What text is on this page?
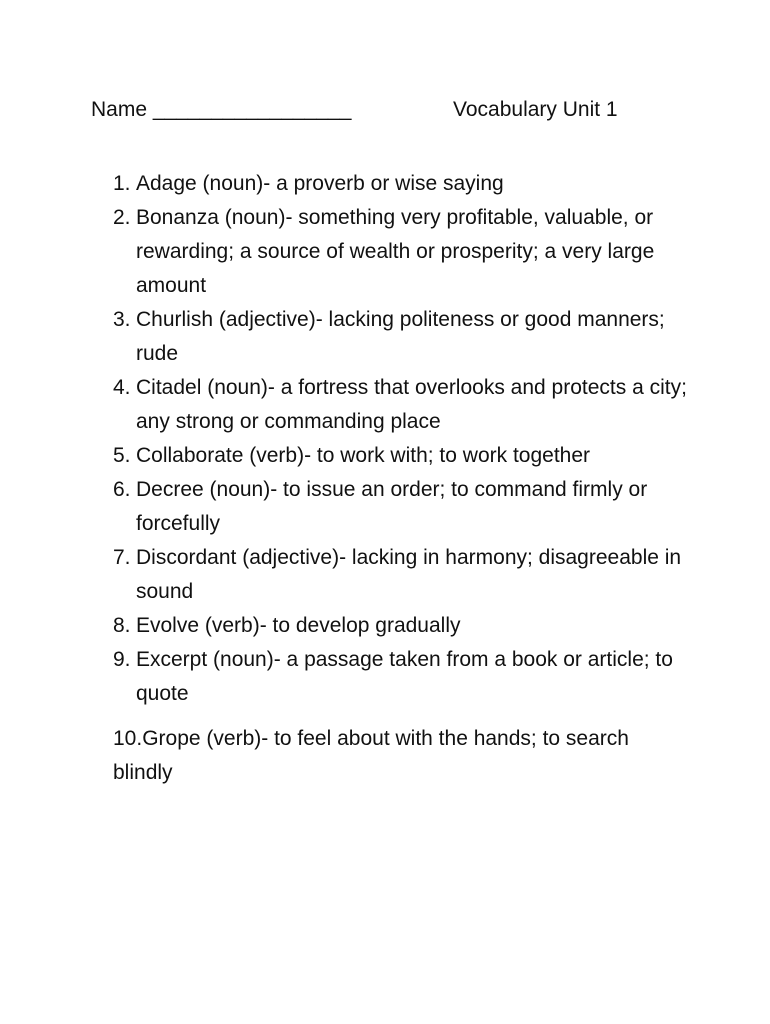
Name _________________	Vocabulary Unit 1
1. Adage (noun)- a proverb or wise saying
2. Bonanza (noun)- something very profitable, valuable, or rewarding; a source of wealth or prosperity; a very large amount
3. Churlish (adjective)- lacking politeness or good manners; rude
4. Citadel (noun)- a fortress that overlooks and protects a city; any strong or commanding place
5. Collaborate (verb)- to work with; to work together
6. Decree (noun)- to issue an order; to command firmly or forcefully
7. Discordant (adjective)- lacking in harmony; disagreeable in sound
8. Evolve (verb)- to develop gradually
9. Excerpt (noun)- a passage taken from a book or article; to quote
10.Grope (verb)- to feel about with the hands; to search blindly
